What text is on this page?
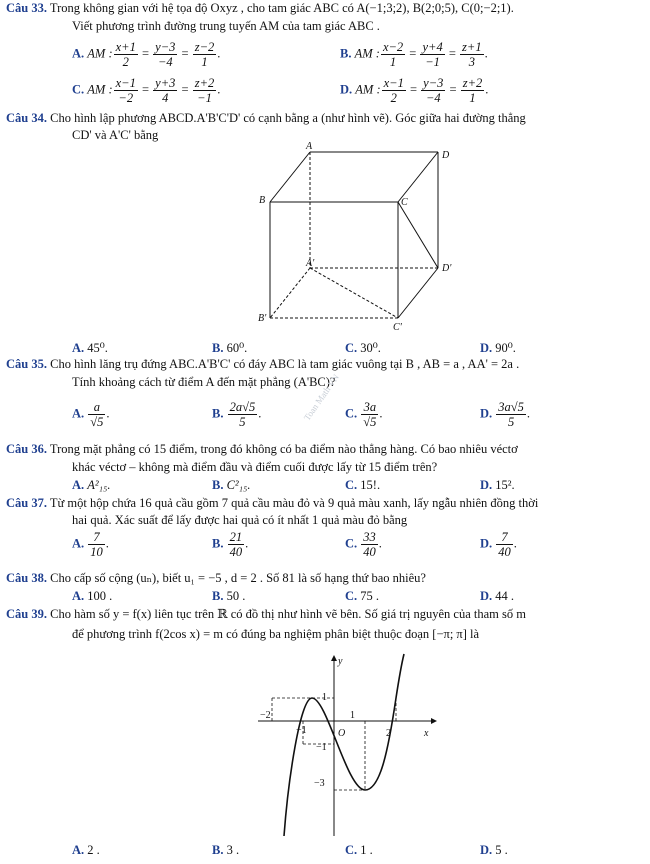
Câu 33. Trong không gian với hệ tọa độ Oxyz , cho tam giác ABC có A(−1;3;2), B(2;0;5), C(0;−2;1).
Viết phương trình đường trung tuyến AM của tam giác ABC .
A. AM : $\frac{x+1}{2} = \frac{y-3}{-4} = \frac{z-2}{1}$ .	B. AM : $\frac{x-2}{1} = \frac{y+4}{-1} = \frac{z+1}{3}$ .
C. AM : $\frac{x-1}{-2} = \frac{y+3}{4} = \frac{z+2}{-1}$ .	D. AM : $\frac{x-1}{2} = \frac{y-3}{-4} = \frac{z+2}{1}$ .
Câu 34. Cho hình lập phương ABCD.A'B'C'D' có cạnh bằng a (như hình vẽ). Góc giữa hai đường thẳng
CD' và A'C' bằng
A
D
B	C
A'	D'
B'
C'
A. 45⁰.	B. 60⁰.	C. 30⁰.	D. 90⁰.
Câu 35. Cho hình lăng trụ đứng ABC.A'B'C' có đáy ABC là tam giác vuông tại B , AB = a , AA' = 2a .
Tính khoảng cách từ điểm A đến mặt phẳng (A'BC)?
A. $\frac{a}{√5}$ .	B. $\frac{2a√5}{5}$ .	C. $\frac{3a}{√5}$ .	D. $\frac{3a√5}{5}$ .
Toan Math VN
Câu 36. Trong mặt phẳng có 15 điểm, trong đó không có ba điểm nào thẳng hàng. Có bao nhiêu véctơ
khác véctơ – không mà điểm đầu và điểm cuối được lấy từ 15 điểm trên?
A. A²₁₅.	B. C²₁₅.	C. 15!.	D. 15².
Câu 37. Từ một hộp chứa 16 quả cầu gồm 7 quả cầu màu đỏ và 9 quả màu xanh, lấy ngẫu nhiên đồng thời
hai quả. Xác suất để lấy được hai quả có ít nhất 1 quả màu đỏ bằng
A. $\frac{7}{10}$ .	B. $\frac{21}{40}$ .	C. $\frac{33}{40}$ .	D. $\frac{7}{40}$ .
Câu 38. Cho cấp số cộng (uₙ), biết u₁ = −5 , d = 2 . Số 81 là số hạng thứ bao nhiêu?
A. 100 .	B. 50 .	C. 75 .	D. 44 .
Câu 39. Cho hàm số y = f(x) liên tục trên ℝ có đồ thị như hình vẽ bên. Số giá trị nguyên của tham số m
để phương trình f(2cos x) = m có đúng ba nghiệm phân biệt thuộc đoạn [−π; π] là
y
x
O
1
1
−2
−1	2
−1
−3
A. 2 .	B. 3 .	C. 1 .	D. 5 .
